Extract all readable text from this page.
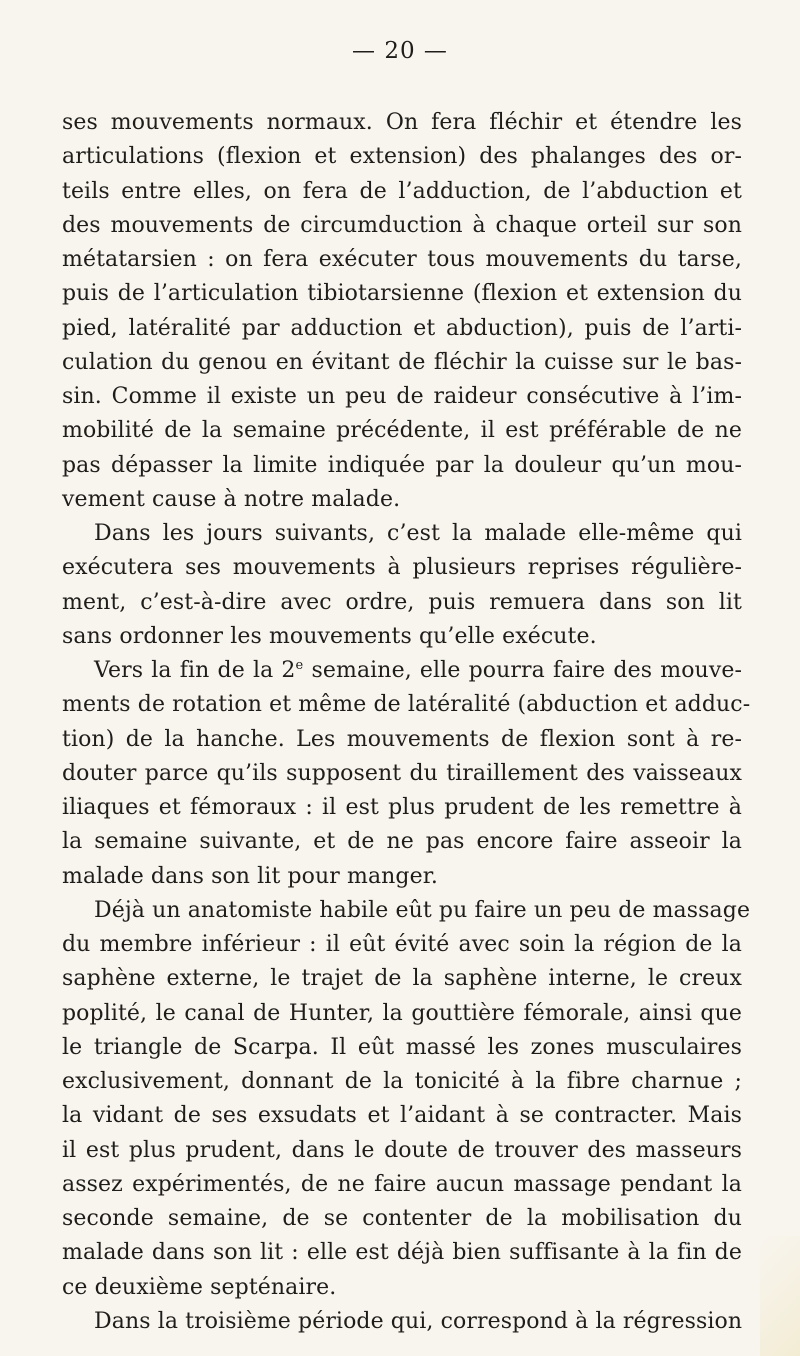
— 20 —
ses mouvements normaux. On fera fléchir et étendre les
articulations (flexion et extension) des phalanges des or-
teils entre elles, on fera de l’adduction, de l’abduction et
des mouvements de circumduction à chaque orteil sur son
métatarsien : on fera exécuter tous mouvements du tarse,
puis de l’articulation tibiotarsienne (flexion et extension du
pied, latéralité par adduction et abduction), puis de l’arti-
culation du genou en évitant de fléchir la cuisse sur le bas-
sin. Comme il existe un peu de raideur consécutive à l’im-
mobilité de la semaine précédente, il est préférable de ne
pas dépasser la limite indiquée par la douleur qu’un mou-
vement cause à notre malade.
Dans les jours suivants, c’est la malade elle-même qui
exécutera ses mouvements à plusieurs reprises régulière-
ment, c’est-à-dire avec ordre, puis remuera dans son lit
sans ordonner les mouvements qu’elle exécute.
Vers la fin de la 2e semaine, elle pourra faire des mouve-
ments de rotation et même de latéralité (abduction et adduc-
tion) de la hanche. Les mouvements de flexion sont à re-
douter parce qu’ils supposent du tiraillement des vaisseaux
iliaques et fémoraux : il est plus prudent de les remettre à
la semaine suivante, et de ne pas encore faire asseoir la
malade dans son lit pour manger.
Déjà un anatomiste habile eût pu faire un peu de massage
du membre inférieur : il eût évité avec soin la région de la
saphène externe, le trajet de la saphène interne, le creux
poplité, le canal de Hunter, la gouttière fémorale, ainsi que
le triangle de Scarpa. Il eût massé les zones musculaires
exclusivement, donnant de la tonicité à la fibre charnue ;
la vidant de ses exsudats et l’aidant à se contracter. Mais
il est plus prudent, dans le doute de trouver des masseurs
assez expérimentés, de ne faire aucun massage pendant la
seconde semaine, de se contenter de la mobilisation du
malade dans son lit : elle est déjà bien suffisante à la fin de
ce deuxième septénaire.
Dans la troisième période qui, correspond à la régression
